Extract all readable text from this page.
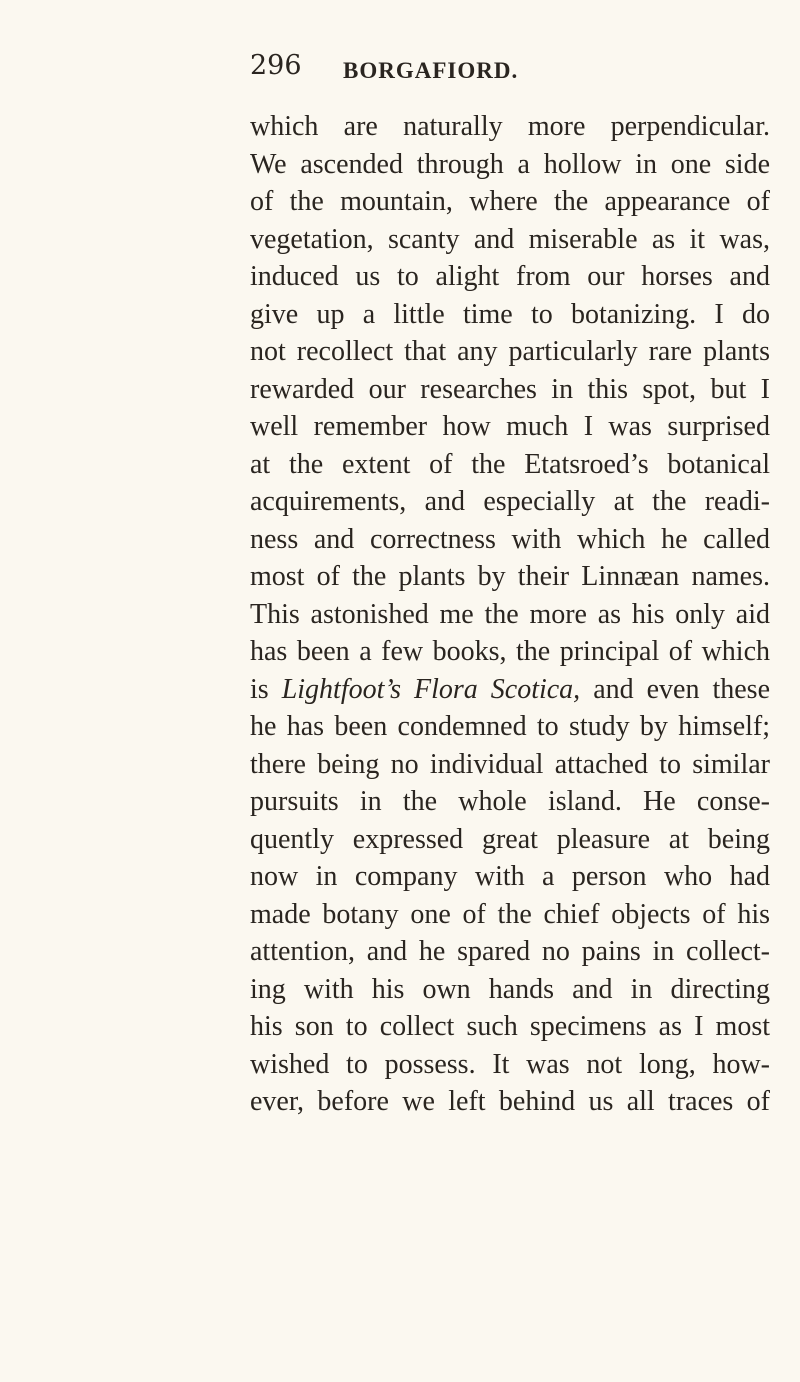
296 BORGAFIORD.
which are naturally more perpendicular.
We ascended through a hollow in one side
of the mountain, where the appearance of
vegetation, scanty and miserable as it was,
induced us to alight from our horses and
give up a little time to botanizing. I do
not recollect that any particularly rare plants
rewarded our researches in this spot, but I
well remember how much I was surprised
at the extent of the Etatsroed’s botanical
acquirements, and especially at the readi-
ness and correctness with which he called
most of the plants by their Linnæan names.
This astonished me the more as his only aid
has been a few books, the principal of which
is Lightfoot’s Flora Scotica, and even these
he has been condemned to study by himself;
there being no individual attached to similar
pursuits in the whole island. He conse-
quently expressed great pleasure at being
now in company with a person who had
made botany one of the chief objects of his
attention, and he spared no pains in collect-
ing with his own hands and in directing
his son to collect such specimens as I most
wished to possess. It was not long, how-
ever, before we left behind us all traces of
